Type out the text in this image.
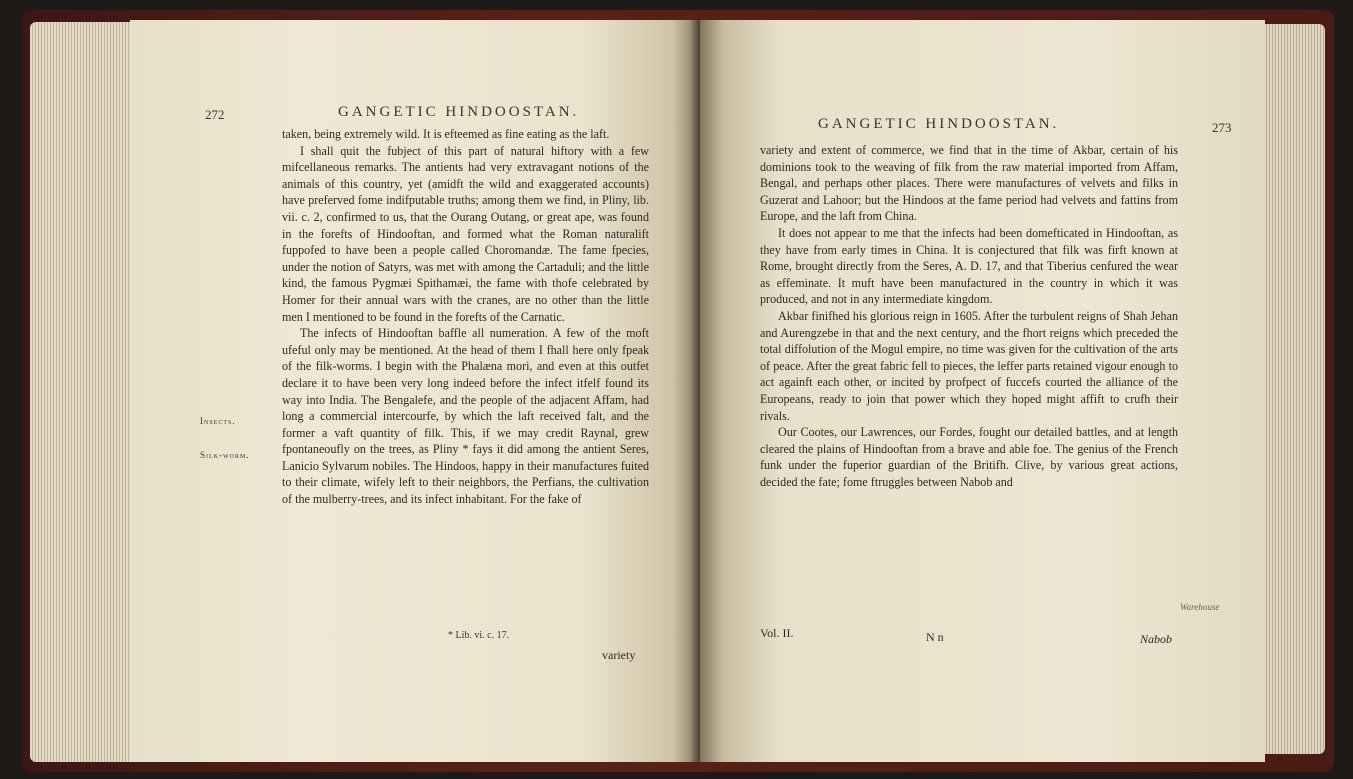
272	GANGETIC HINDOOSTAN.
Insects.
Silk-worm.

taken, being extremely wild. It is efteemed as fine eating as the laft.

I shall quit the fubject of this part of natural hiftory with a few mifcellaneous remarks. The antients had very extravagant notions of the animals of this country, yet (amidft the wild and exaggerated accounts) have preferved fome indifputable truths; among them we find, in Pliny, lib. vii. c. 2, confirmed to us, that the Ourang Outang, or great ape, was found in the forefts of Hindooftan, and formed what the Roman naturalift fuppofed to have been a people called Choromandæ. The fame fpecies, under the notion of Satyrs, was met with among the Cartaduli; and the little kind, the famous Pygmæi Spithamæi, the fame with thofe celebrated by Homer for their annual wars with the cranes, are no other than the little men I mentioned to be found in the forefts of the Carnatic.

The infects of Hindooftan baffle all numeration. A few of the moft ufeful only may be mentioned. At the head of them I fhall here only fpeak of the filk-worms. I begin with the Phalæna mori, and even at this outfet declare it to have been very long indeed before the infect itfelf found its way into India. The Bengalefe, and the people of the adjacent Affam, had long a commercial intercourfe, by which the laft received falt, and the former a vaft quantity of filk. This, if we may credit Raynal, grew fpontaneoufly on the trees, as Pliny * fays it did among the antient Seres, Lanicio Sylvarum nobiles. The Hindoos, happy in their manufactures fuited to their climate, wifely left to their neighbors, the Perfians, the cultivation of the mulberry-trees, and its infect inhabitant. For the fake of

* Lib. vi. c. 17.
variety
GANGETIC HINDOOSTAN.	273

variety and extent of commerce, we find that in the time of Akbar, certain of his dominions took to the weaving of filk from the raw material imported from Affam, Bengal, and perhaps other places. There were manufactures of velvets and filks in Guzerat and Lahoor; but the Hindoos at the fame period had velvets and fattins from Europe, and the laft from China.

It does not appear to me that the infects had been domefticated in Hindooftan, as they have from early times in China. It is conjectured that filk was firft known at Rome, brought directly from the Seres, A. D. 17, and that Tiberius cenfured the wear as effeminate. It muft have been manufactured in the country in which it was produced, and not in any intermediate kingdom.

Akbar finifhed his glorious reign in 1605. After the turbulent reigns of Shah Jehan and Aurengzebe in that and the next century, and the fhort reigns which preceded the total diffolution of the Mogul empire, no time was given for the cultivation of the arts of peace. After the great fabric fell to pieces, the leffer parts retained vigour enough to act againft each other, or incited by profpect of fuccefs courted the alliance of the Europeans, ready to join that power which they hoped might affift to crufh their rivals.

Our Cootes, our Lawrences, our Fordes, fought our detailed battles, and at length cleared the plains of Hindooftan from a brave and able foe. The genius of the French funk under the fuperior guardian of the Britifh. Clive, by various great actions, decided the fate; fome ftruggles between Nabob and

Vol. II.	N n	Nabob
Warehouse
